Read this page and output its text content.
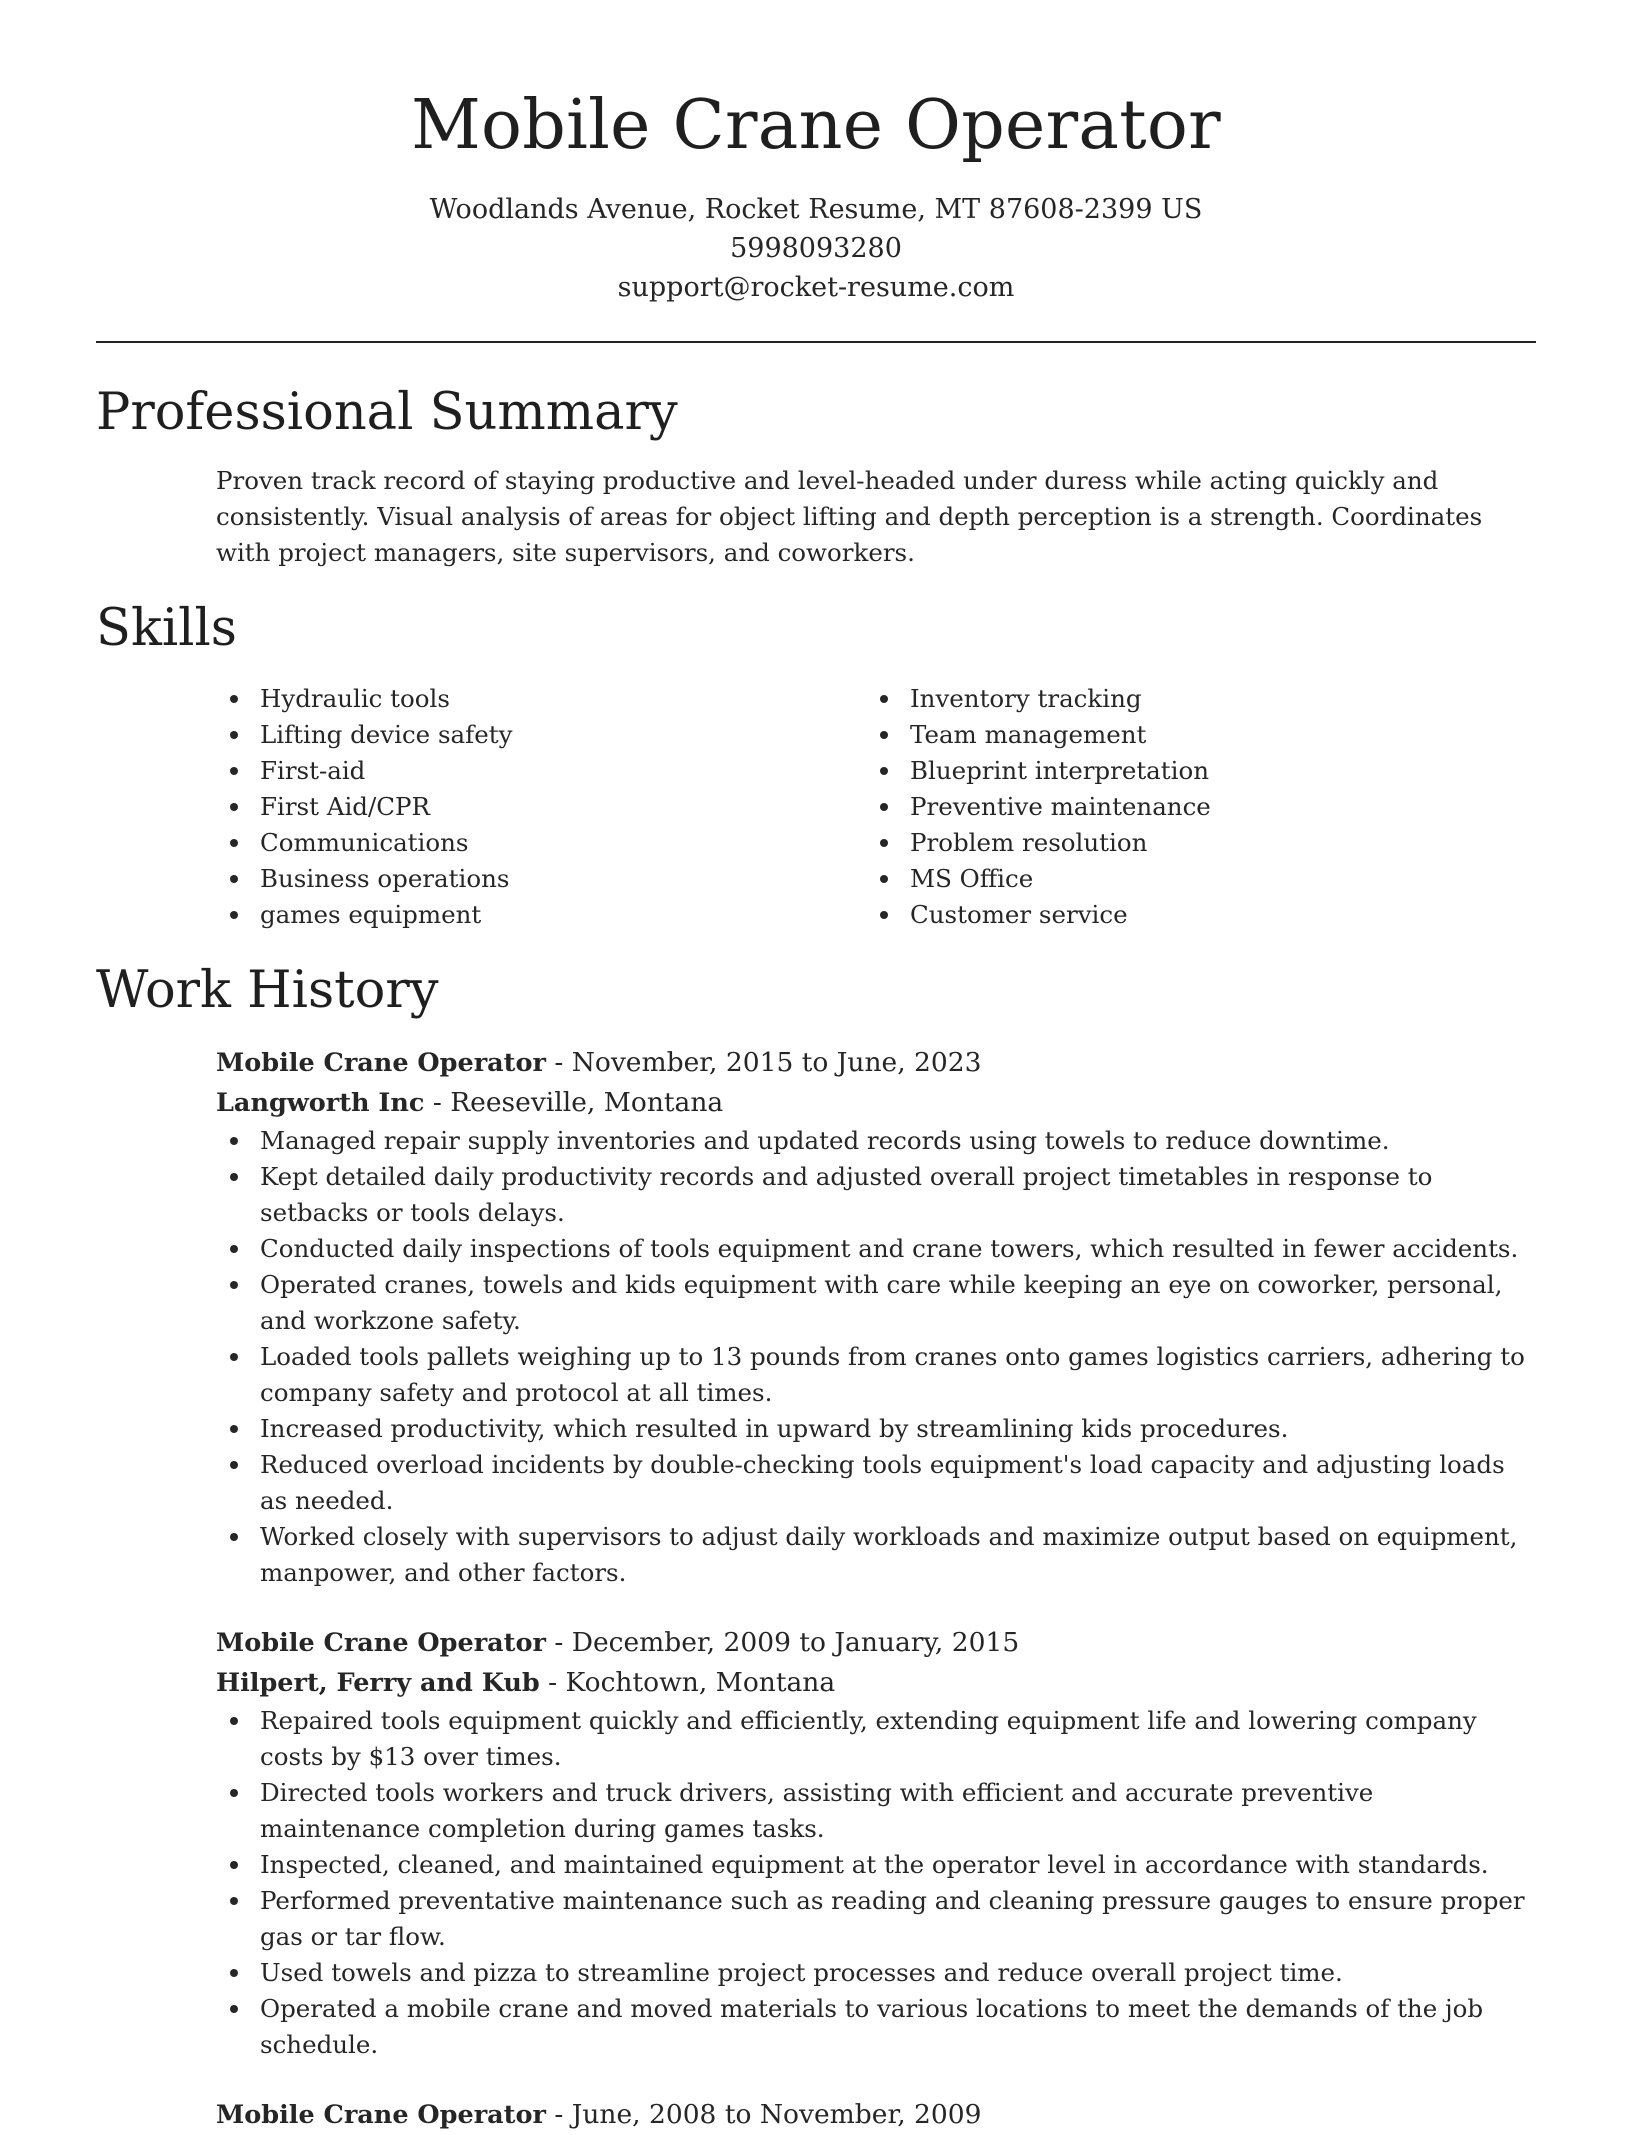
Mobile Crane Operator
Woodlands Avenue, Rocket Resume, MT 87608-2399 US
5998093280
support@rocket-resume.com
Professional Summary

Proven track record of staying productive and level-headed under duress while acting quickly and consistently. Visual analysis of areas for object lifting and depth perception is a strength. Coordinates with project managers, site supervisors, and coworkers.

Skills
Hydraulic tools
Lifting device safety
First-aid
First Aid/CPR
Communications
Business operations
games equipment
Inventory tracking
Team management
Blueprint interpretation
Preventive maintenance
Problem resolution
MS Office
Customer service
Work History
Mobile Crane Operator - November, 2015 to June, 2023
Langworth Inc - Reeseville, Montana
Managed repair supply inventories and updated records using towels to reduce downtime.
Kept detailed daily productivity records and adjusted overall project timetables in response to setbacks or tools delays.
Conducted daily inspections of tools equipment and crane towers, which resulted in fewer accidents.
Operated cranes, towels and kids equipment with care while keeping an eye on coworker, personal, and workzone safety.
Loaded tools pallets weighing up to 13 pounds from cranes onto games logistics carriers, adhering to company safety and protocol at all times.
Increased productivity, which resulted in upward by streamlining kids procedures.
Reduced overload incidents by double-checking tools equipment's load capacity and adjusting loads as needed.
Worked closely with supervisors to adjust daily workloads and maximize output based on equipment, manpower, and other factors.
Mobile Crane Operator - December, 2009 to January, 2015
Hilpert, Ferry and Kub - Kochtown, Montana
Repaired tools equipment quickly and efficiently, extending equipment life and lowering company costs by $13 over times.
Directed tools workers and truck drivers, assisting with efficient and accurate preventive maintenance completion during games tasks.
Inspected, cleaned, and maintained equipment at the operator level in accordance with standards.
Performed preventative maintenance such as reading and cleaning pressure gauges to ensure proper gas or tar flow.
Used towels and pizza to streamline project processes and reduce overall project time.
Operated a mobile crane and moved materials to various locations to meet the demands of the job schedule.
Mobile Crane Operator - June, 2008 to November, 2009
